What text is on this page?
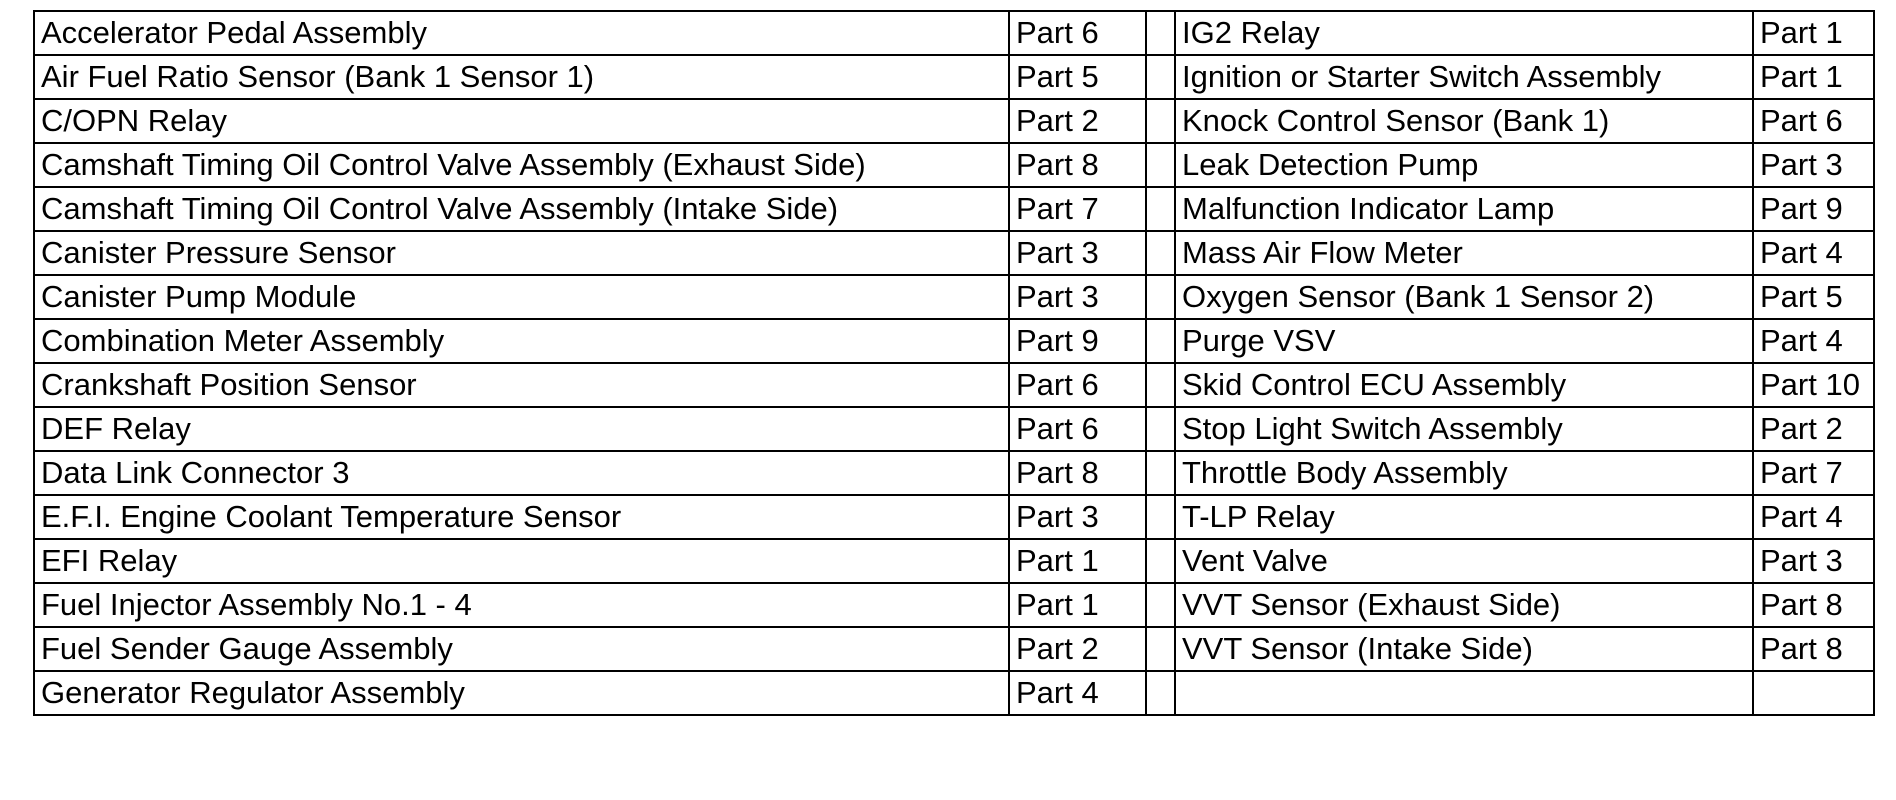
Accelerator Pedal Assembly	Part 6		IG2 Relay	Part 1
Air Fuel Ratio Sensor (Bank 1 Sensor 1)	Part 5		Ignition or Starter Switch Assembly	Part 1
C/OPN Relay	Part 2		Knock Control Sensor (Bank 1)	Part 6
Camshaft Timing Oil Control Valve Assembly (Exhaust Side)	Part 8		Leak Detection Pump	Part 3
Camshaft Timing Oil Control Valve Assembly (Intake Side)	Part 7		Malfunction Indicator Lamp	Part 9
Canister Pressure Sensor	Part 3		Mass Air Flow Meter	Part 4
Canister Pump Module	Part 3		Oxygen Sensor (Bank 1 Sensor 2)	Part 5
Combination Meter Assembly	Part 9		Purge VSV	Part 4
Crankshaft Position Sensor	Part 6		Skid Control ECU Assembly	Part 10
DEF Relay	Part 6		Stop Light Switch Assembly	Part 2
Data Link Connector 3	Part 8		Throttle Body Assembly	Part 7
E.F.I. Engine Coolant Temperature Sensor	Part 3		T-LP Relay	Part 4
EFI Relay	Part 1		Vent Valve	Part 3
Fuel Injector Assembly No.1 - 4	Part 1		VVT Sensor (Exhaust Side)	Part 8
Fuel Sender Gauge Assembly	Part 2		VVT Sensor (Intake Side)	Part 8
Generator Regulator Assembly	Part 4			
